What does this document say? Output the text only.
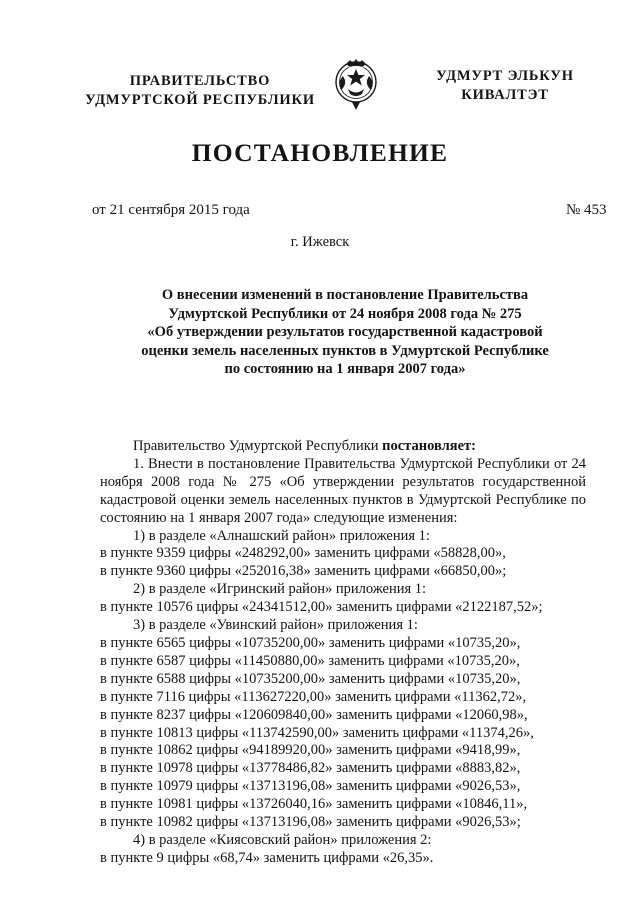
ПРАВИТЕЛЬСТВО
УДМУРТСКОЙ РЕСПУБЛИКИ
УДМУРТ ЭЛЬКУН
КИВАЛТЭТ
ПОСТАНОВЛЕНИЕ
от 21 сентября 2015 года	№ 453
г. Ижевск
О внесении изменений в постановление Правительства
Удмуртской Республики от 24 ноября 2008 года № 275
«Об утверждении результатов государственной кадастровой
оценки земель населенных пунктов в Удмуртской Республике
по состоянию на 1 января 2007 года»
Правительство Удмуртской Республики постановляет:
1. Внести в постановление Правительства Удмуртской Республики от 24 ноября 2008 года № 275 «Об утверждении результатов государственной кадастровой оценки земель населенных пунктов в Удмуртской Республике по состоянию на 1 января 2007 года» следующие изменения:
1) в разделе «Алнашский район» приложения 1:
в пункте 9359 цифры «248292,00» заменить цифрами «58828,00»,
в пункте 9360 цифры «252016,38» заменить цифрами «66850,00»;
2) в разделе «Игринский район» приложения 1:
в пункте 10576 цифры «24341512,00» заменить цифрами «2122187,52»;
3) в разделе «Увинский район» приложения 1:
в пункте 6565 цифры «10735200,00» заменить цифрами «10735,20»,
в пункте 6587 цифры «11450880,00» заменить цифрами «10735,20»,
в пункте 6588 цифры «10735200,00» заменить цифрами «10735,20»,
в пункте 7116 цифры «113627220,00» заменить цифрами «11362,72»,
в пункте 8237 цифры «120609840,00» заменить цифрами «12060,98»,
в пункте 10813 цифры «113742590,00» заменить цифрами «11374,26»,
в пункте 10862 цифры «94189920,00» заменить цифрами «9418,99»,
в пункте 10978 цифры «13778486,82» заменить цифрами «8883,82»,
в пункте 10979 цифры «13713196,08» заменить цифрами «9026,53»,
в пункте 10981 цифры «13726040,16» заменить цифрами «10846,11»,
в пункте 10982 цифры «13713196,08» заменить цифрами «9026,53»;
4) в разделе «Киясовский район» приложения 2:
в пункте 9 цифры «68,74» заменить цифрами «26,35».
